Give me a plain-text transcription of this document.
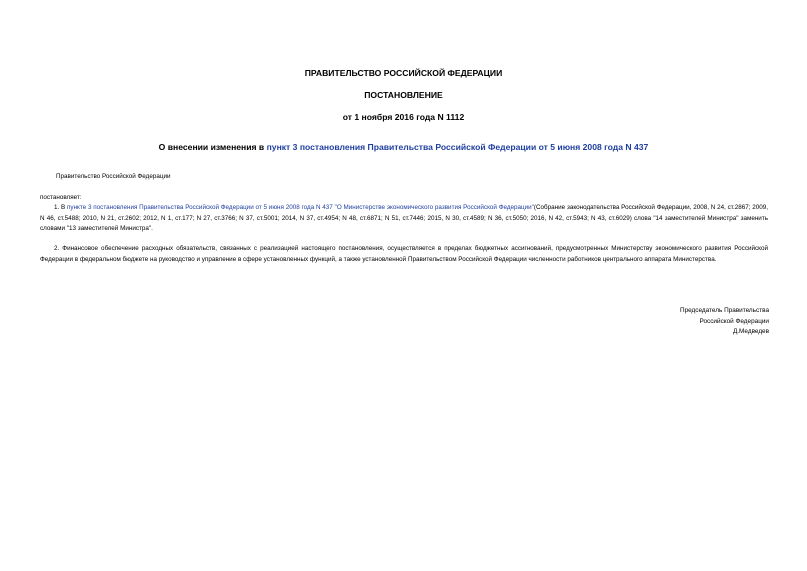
ПРАВИТЕЛЬСТВО РОССИЙСКОЙ ФЕДЕРАЦИИ
ПОСТАНОВЛЕНИЕ
от 1 ноября 2016 года N 1112
О внесении изменения в пункт 3 постановления Правительства Российской Федерации от 5 июня 2008 года N 437
Правительство Российской Федерации
постановляет:
1. В пункте 3 постановления Правительства Российской Федерации от 5 июня 2008 года N 437 "О Министерстве экономического развития Российской Федерации"(Собрание законодательства Российской Федерации, 2008, N 24, ст.2867; 2009, N 46, ст.5488; 2010, N 21, ст.2602; 2012, N 1, ст.177; N 27, ст.3766; N 37, ст.5001; 2014, N 37, ст.4954; N 48, ст.6871; N 51, ст.7446; 2015, N 30, ст.4589; N 36, ст.5050; 2016, N 42, ст.5943; N 43, ст.6029) слова "14 заместителей Министра" заменить словами "13 заместителей Министра".
2. Финансовое обеспечение расходных обязательств, связанных с реализацией настоящего постановления, осуществляется в пределах бюджетных ассигнований, предусмотренных Министерству экономического развития Российской Федерации в федеральном бюджете на руководство и управление в сфере установленных функций, а также установленной Правительством Российской Федерации численности работников центрального аппарата Министерства.
Председатель Правительства
Российской Федерации
Д.Медведев
